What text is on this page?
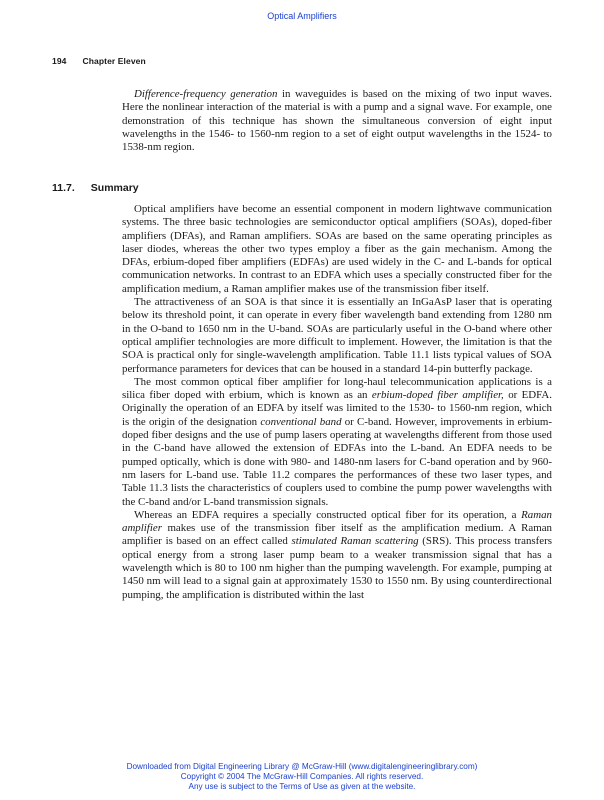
Optical Amplifiers
194 Chapter Eleven

Difference-frequency generation in waveguides is based on the mixing of two input waves. Here the nonlinear interaction of the material is with a pump and a signal wave. For example, one demonstration of this technique has shown the simultaneous conversion of eight input wavelengths in the 1546- to 1560-nm region to a set of eight output wavelengths in the 1524- to 1538-nm region.

11.7. Summary

Optical amplifiers have become an essential component in modern lightwave communication systems. The three basic technologies are semiconductor optical amplifiers (SOAs), doped-fiber amplifiers (DFAs), and Raman amplifiers. SOAs are based on the same operating principles as laser diodes, whereas the other two types employ a fiber as the gain mechanism. Among the DFAs, erbium-doped fiber amplifiers (EDFAs) are used widely in the C- and L-bands for optical communication networks. In contrast to an EDFA which uses a specially constructed fiber for the amplification medium, a Raman amplifier makes use of the transmission fiber itself.

The attractiveness of an SOA is that since it is essentially an InGaAsP laser that is operating below its threshold point, it can operate in every fiber wavelength band extending from 1280 nm in the O-band to 1650 nm in the U-band. SOAs are particularly useful in the O-band where other optical amplifier technologies are more difficult to implement. However, the limitation is that the SOA is practical only for single-wavelength amplification. Table 11.1 lists typical values of SOA performance parameters for devices that can be housed in a standard 14-pin butterfly package.

The most common optical fiber amplifier for long-haul telecommunication applications is a silica fiber doped with erbium, which is known as an erbium-doped fiber amplifier, or EDFA. Originally the operation of an EDFA by itself was limited to the 1530- to 1560-nm region, which is the origin of the designation conventional band or C-band. However, improvements in erbium-doped fiber designs and the use of pump lasers operating at wavelengths different from those used in the C-band have allowed the extension of EDFAs into the L-band. An EDFA needs to be pumped optically, which is done with 980- and 1480-nm lasers for C-band operation and by 960-nm lasers for L-band use. Table 11.2 compares the performances of these two laser types, and Table 11.3 lists the characteristics of couplers used to combine the pump power wavelengths with the C-band and/or L-band transmission signals.

Whereas an EDFA requires a specially constructed optical fiber for its operation, a Raman amplifier makes use of the transmission fiber itself as the amplification medium. A Raman amplifier is based on an effect called stimulated Raman scattering (SRS). This process transfers optical energy from a strong laser pump beam to a weaker transmission signal that has a wavelength which is 80 to 100 nm higher than the pumping wavelength. For example, pumping at 1450 nm will lead to a signal gain at approximately 1530 to 1550 nm. By using counterdirectional pumping, the amplification is distributed within the last

Downloaded from Digital Engineering Library @ McGraw-Hill (www.digitalengineeringlibrary.com)
Copyright © 2004 The McGraw-Hill Companies. All rights reserved.
Any use is subject to the Terms of Use as given at the website.
